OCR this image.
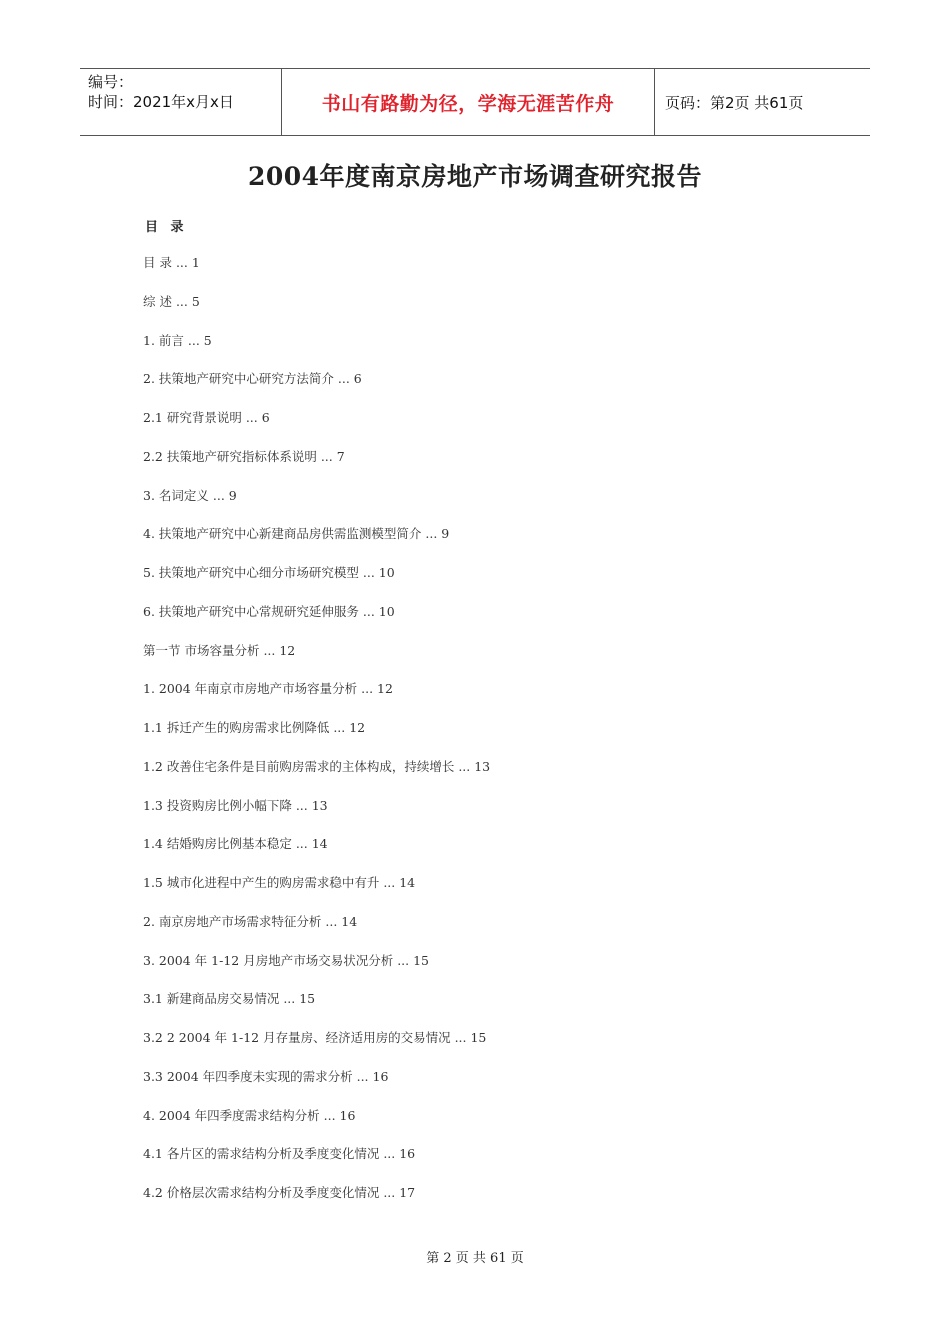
编号：
时间：2021年x月x日	书山有路勤为径，学海无涯苦作舟	页码：第2页 共61页
2004年度南京房地产市场调查研究报告
目 录
目 录 ... 1
综 述 ... 5
1. 前言 ... 5
2. 扶策地产研究中心研究方法简介 ... 6
2.1 研究背景说明 ... 6
2.2 扶策地产研究指标体系说明 ... 7
3. 名词定义 ... 9
4. 扶策地产研究中心新建商品房供需监测模型简介 ... 9
5. 扶策地产研究中心细分市场研究模型 ... 10
6. 扶策地产研究中心常规研究延伸服务 ... 10
第一节 市场容量分析 ... 12
1. 2004 年南京市房地产市场容量分析 ... 12
1.1 拆迁产生的购房需求比例降低 ... 12
1.2 改善住宅条件是目前购房需求的主体构成，持续增长 ... 13
1.3 投资购房比例小幅下降 ... 13
1.4 结婚购房比例基本稳定 ... 14
1.5 城市化进程中产生的购房需求稳中有升 ... 14
2. 南京房地产市场需求特征分析 ... 14
3. 2004 年 1-12 月房地产市场交易状况分析 ... 15
3.1 新建商品房交易情况 ... 15
3.2 2 2004 年 1-12 月存量房、经济适用房的交易情况 ... 15
3.3 2004 年四季度未实现的需求分析 ... 16
4. 2004 年四季度需求结构分析 ... 16
4.1 各片区的需求结构分析及季度变化情况 ... 16
4.2 价格层次需求结构分析及季度变化情况 ... 17
第 2 页 共 61 页
